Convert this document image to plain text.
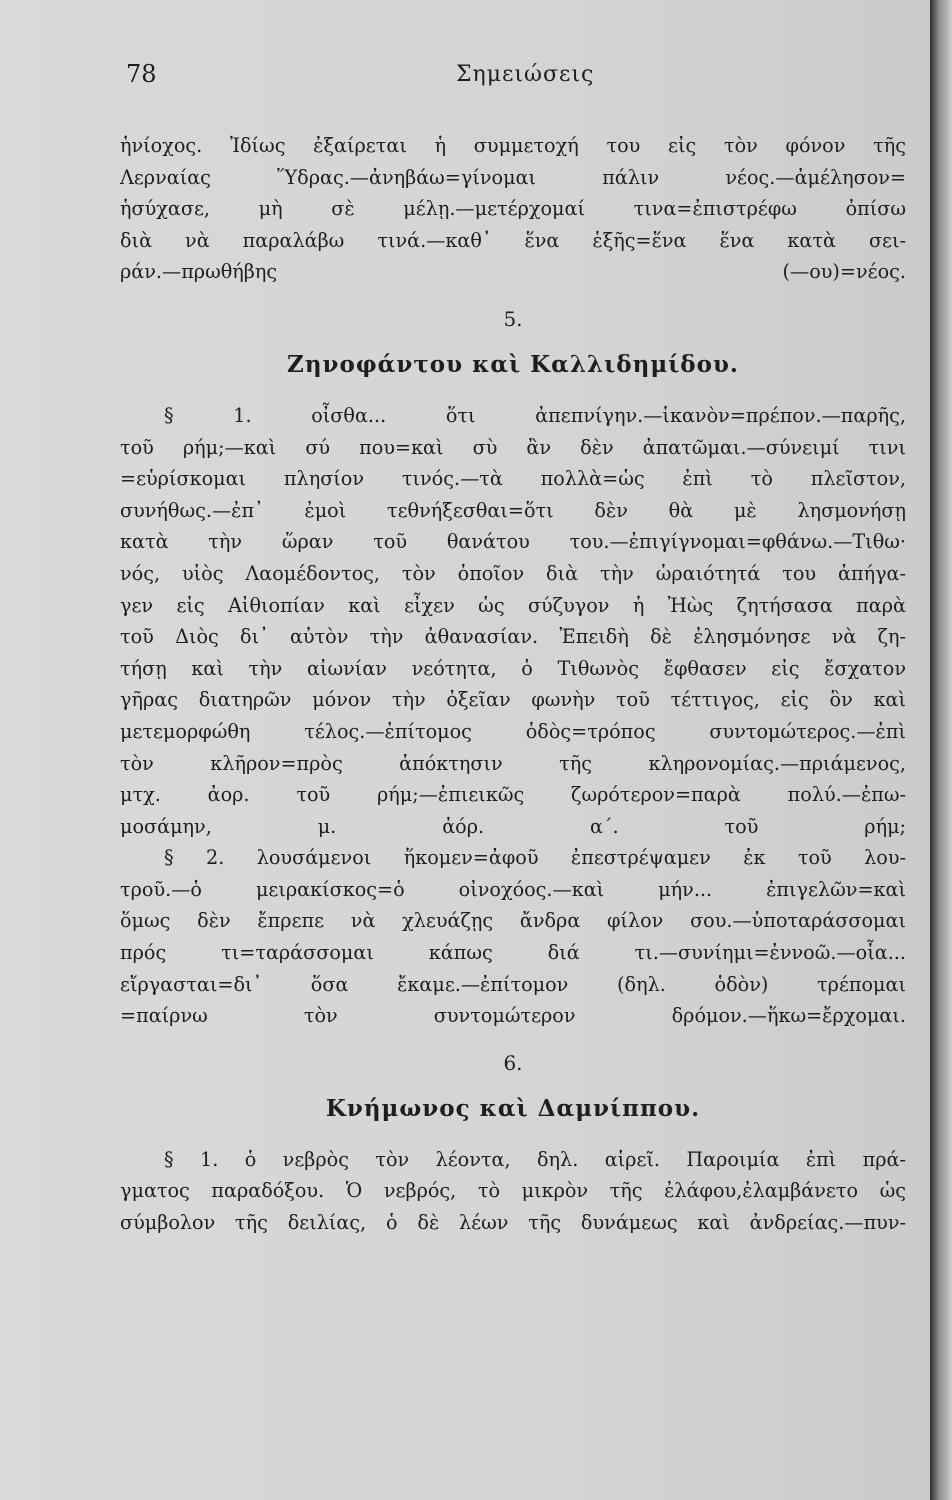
78	Σημειώσεις
ἡνίοχος. Ἰδίως ἐξαίρεται ἡ συμμετοχή του εἰς τὸν φόνον τῆς
Λερναίας Ὕδρας.—ἀνηβάω=γίνομαι πάλιν νέος.—ἀμέλησον=
ἡσύχασε, μὴ σὲ μέλῃ.—μετέρχομαί τινα=ἐπιστρέφω ὀπίσω
διὰ νὰ παραλάβω τινά.—καθ᾽ ἕνα ἑξῆς=ἕνα ἕνα κατὰ σει-
ράν.—πρωθήβης (—ου)=νέος.
5.
Ζηνοφάντου καὶ Καλλιδημίδου.
§ 1. οἶσθα... ὅτι ἀπεπνίγην.—ἱκανὸν=πρέπον.—παρῆς,
τοῦ ρήμ;—καὶ σύ που=καὶ σὺ ἂν δὲν ἀπατῶμαι.—σύνειμί τινι
=εὑρίσκομαι πλησίον τινός.—τὰ πολλὰ=ὡς ἐπὶ τὸ πλεῖστον,
συνήθως.—ἐπ᾽ ἐμοὶ τεθνήξεσθαι=ὅτι δὲν θὰ μὲ λησμονήσῃ
κατὰ τὴν ὥραν τοῦ θανάτου του.—ἐπιγίγνομαι=φθάνω.—Τιθω·
νός, υἱὸς Λαομέδοντος, τὸν ὁποῖον διὰ τὴν ὡραιότητά του ἀπήγα-
γεν εἰς Αἰθιοπίαν καὶ εἶχεν ὡς σύζυγον ἡ Ἠὼς ζητήσασα παρὰ
τοῦ Διὸς δι᾽ αὐτὸν τὴν ἀθανασίαν. Ἐπειδὴ δὲ ἐλησμόνησε νὰ ζη-
τήσῃ καὶ τὴν αἰωνίαν νεότητα, ὁ Τιθωνὸς ἔφθασεν εἰς ἔσχατον
γῆρας διατηρῶν μόνον τὴν ὀξεῖαν φωνὴν τοῦ τέττιγος, εἰς ὃν καὶ
μετεμορφώθη τέλος.—ἐπίτομος ὁδὸς=τρόπος συντομώτερος.—ἐπὶ
τὸν κλῆρον=πρὸς ἀπόκτησιν τῆς κληρονομίας.—πριάμενος,
μτχ. ἀορ. τοῦ ρήμ;—ἐπιεικῶς ζωρότερον=παρὰ πολύ.—ἐπω-
μοσάμην, μ. ἀόρ. α΄. τοῦ ρήμ;
§ 2. λουσάμενοι ἥκομεν=ἀφοῦ ἐπεστρέψαμεν ἐκ τοῦ λου-
τροῦ.—ὁ μειρακίσκος=ὁ οἰνοχόος.—καὶ μήν... ἐπιγελῶν=καὶ
ὅμως δὲν ἔπρεπε νὰ χλευάζῃς ἄνδρα φίλον σου.—ὑποταράσσομαι
πρός τι=ταράσσομαι κάπως διά τι.—συνίημι=ἐννοῶ.—οἷα...
εἴργασται=δι᾽ ὅσα ἔκαμε.—ἐπίτομον (δηλ. ὁδὸν) τρέπομαι
=παίρνω τὸν συντομώτερον δρόμον.—ἥκω=ἔρχομαι.
6.
Κνήμωνος καὶ Δαμνίππου.
§ 1. ὁ νεβρὸς τὸν λέοντα, δηλ. αἱρεῖ. Παροιμία ἐπὶ πρά-
γματος παραδόξου. Ὁ νεβρός, τὸ μικρὸν τῆς ἐλάφου,ἐλαμβάνετο ὡς
σύμβολον τῆς δειλίας, ὁ δὲ λέων τῆς δυνάμεως καὶ ἀνδρείας.—πυν-
